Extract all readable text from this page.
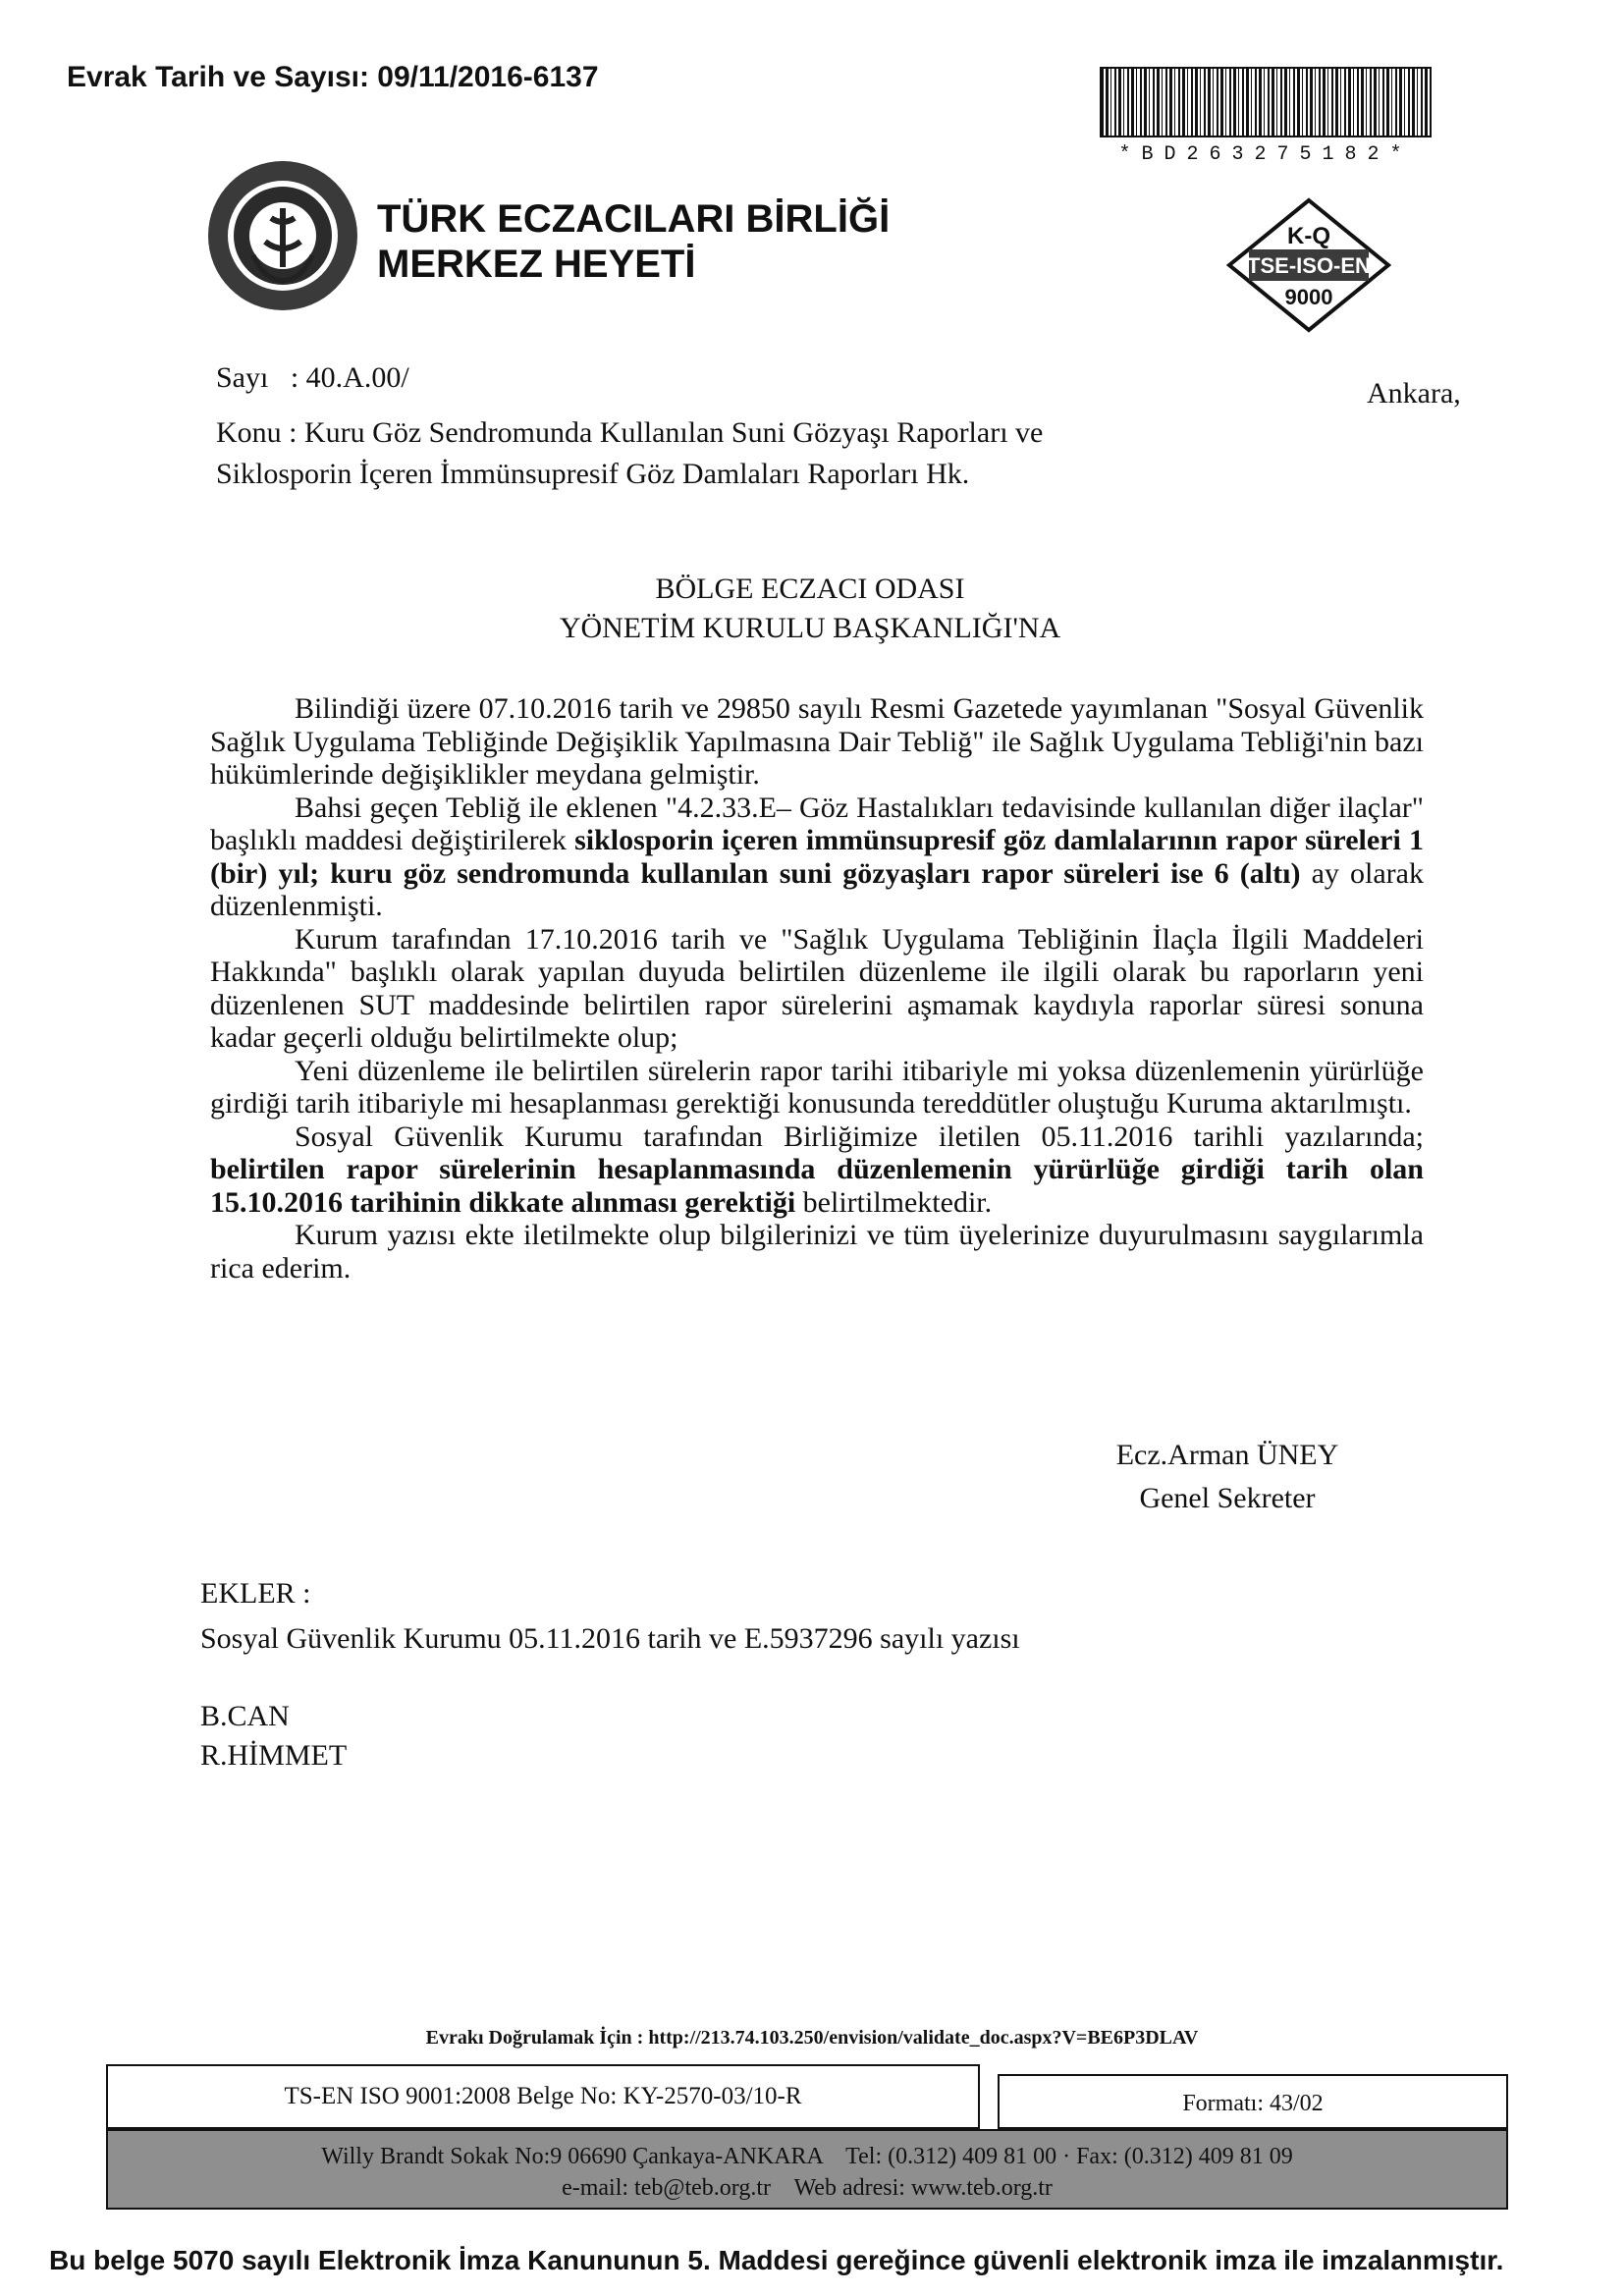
Evrak Tarih ve Sayısı: 09/11/2016-6137
*BD263275182*
TÜRK ECZACILARI BİRLİĞİ
MERKEZ HEYETİ
K-Q
TSE-ISO-EN
9000
Sayı   : 40.A.00/
Konu : Kuru Göz Sendromunda Kullanılan Suni Gözyaşı Raporları ve
Siklosporin İçeren İmmünsupresif Göz Damlaları Raporları Hk.
Ankara,
BÖLGE ECZACI ODASI
YÖNETİM KURULU BAŞKANLIĞI'NA

Bilindiği üzere 07.10.2016 tarih ve 29850 sayılı Resmi Gazetede yayımlanan "Sosyal Güvenlik Sağlık Uygulama Tebliğinde Değişiklik Yapılmasına Dair Tebliğ" ile Sağlık Uygulama Tebliği'nin bazı hükümlerinde değişiklikler meydana gelmiştir.

Bahsi geçen Tebliğ ile eklenen "4.2.33.E– Göz Hastalıkları tedavisinde kullanılan diğer ilaçlar" başlıklı maddesi değiştirilerek siklosporin içeren immünsupresif göz damlalarının rapor süreleri 1 (bir) yıl; kuru göz sendromunda kullanılan suni gözyaşları rapor süreleri ise 6 (altı) ay olarak düzenlenmişti.

Kurum tarafından 17.10.2016 tarih ve "Sağlık Uygulama Tebliğinin İlaçla İlgili Maddeleri Hakkında" başlıklı olarak yapılan duyuda belirtilen düzenleme ile ilgili olarak bu raporların yeni düzenlenen SUT maddesinde belirtilen rapor sürelerini aşmamak kaydıyla raporlar süresi sonuna kadar geçerli olduğu belirtilmekte olup;

Yeni düzenleme ile belirtilen sürelerin rapor tarihi itibariyle mi yoksa düzenlemenin yürürlüğe girdiği tarih itibariyle mi hesaplanması gerektiği konusunda tereddütler oluştuğu Kuruma aktarılmıştı.

Sosyal Güvenlik Kurumu tarafından Birliğimize iletilen 05.11.2016 tarihli yazılarında; belirtilen rapor sürelerinin hesaplanmasında düzenlemenin yürürlüğe girdiği tarih olan 15.10.2016 tarihinin dikkate alınması gerektiği belirtilmektedir.

Kurum yazısı ekte iletilmekte olup bilgilerinizi ve tüm üyelerinize duyurulmasını saygılarımla rica ederim.

Ecz.Arman ÜNEY
Genel Sekreter
EKLER :
Sosyal Güvenlik Kurumu 05.11.2016 tarih ve E.5937296 sayılı yazısı
B.CAN
R.HİMMET
Evrakı Doğrulamak İçin : http://213.74.103.250/envision/validate_doc.aspx?V=BE6P3DLAV
TS-EN ISO 9001:2008 Belge No: KY-2570-03/10-R	Formatı: 43/02
Willy Brandt Sokak No:9 06690 Çankaya-ANKARA    Tel: (0.312) 409 81 00 · Fax: (0.312) 409 81 09
e-mail: teb@teb.org.tr    Web adresi: www.teb.org.tr
Bu belge 5070 sayılı Elektronik İmza Kanununun 5. Maddesi gereğince güvenli elektronik imza ile imzalanmıştır.
